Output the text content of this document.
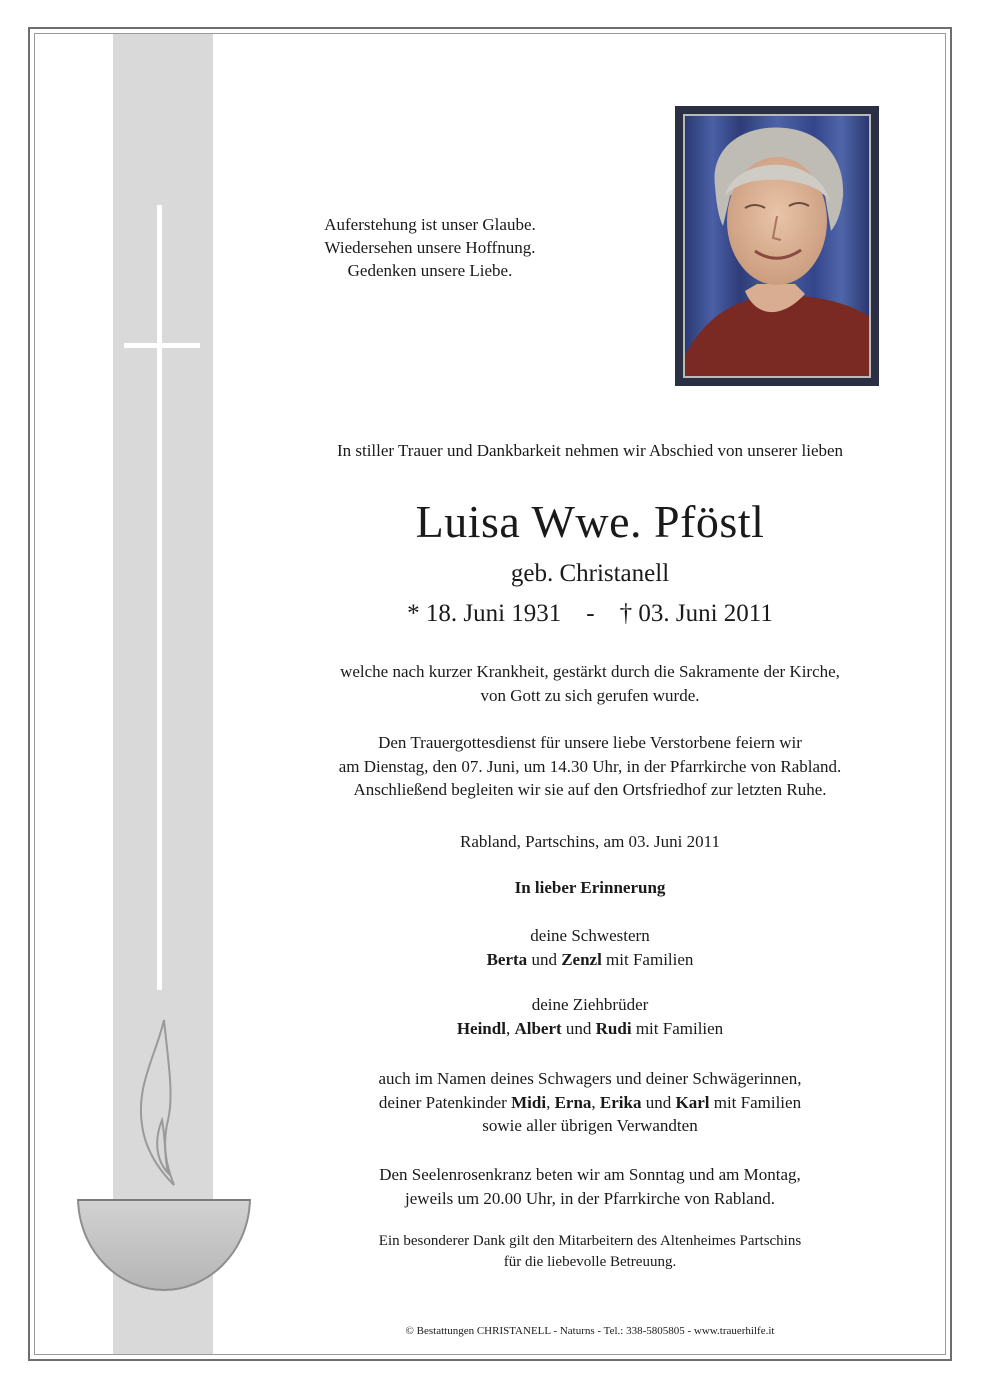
Auferstehung ist unser Glaube.
Wiedersehen unsere Hoffnung.
Gedenken unsere Liebe.
In stiller Trauer und Dankbarkeit nehmen wir Abschied von unserer lieben
Luisa Wwe. Pföstl
geb. Christanell
* 18. Juni 1931 - † 03. Juni 2011
welche nach kurzer Krankheit, gestärkt durch die Sakramente der Kirche,
von Gott zu sich gerufen wurde.
Den Trauergottesdienst für unsere liebe Verstorbene feiern wir
am Dienstag, den 07. Juni, um 14.30 Uhr, in der Pfarrkirche von Rabland.
Anschließend begleiten wir sie auf den Ortsfriedhof zur letzten Ruhe.
Rabland, Partschins, am 03. Juni 2011
In lieber Erinnerung
deine Schwestern
Berta und Zenzl mit Familien
deine Ziehbrüder
Heindl, Albert und Rudi mit Familien
auch im Namen deines Schwagers und deiner Schwägerinnen,
deiner Patenkinder Midi, Erna, Erika und Karl mit Familien
sowie aller übrigen Verwandten
Den Seelenrosenkranz beten wir am Sonntag und am Montag,
jeweils um 20.00 Uhr, in der Pfarrkirche von Rabland.
Ein besonderer Dank gilt den Mitarbeitern des Altenheimes Partschins
für die liebevolle Betreuung.
© Bestattungen CHRISTANELL - Naturns - Tel.: 338-5805805 - www.trauerhilfe.it
